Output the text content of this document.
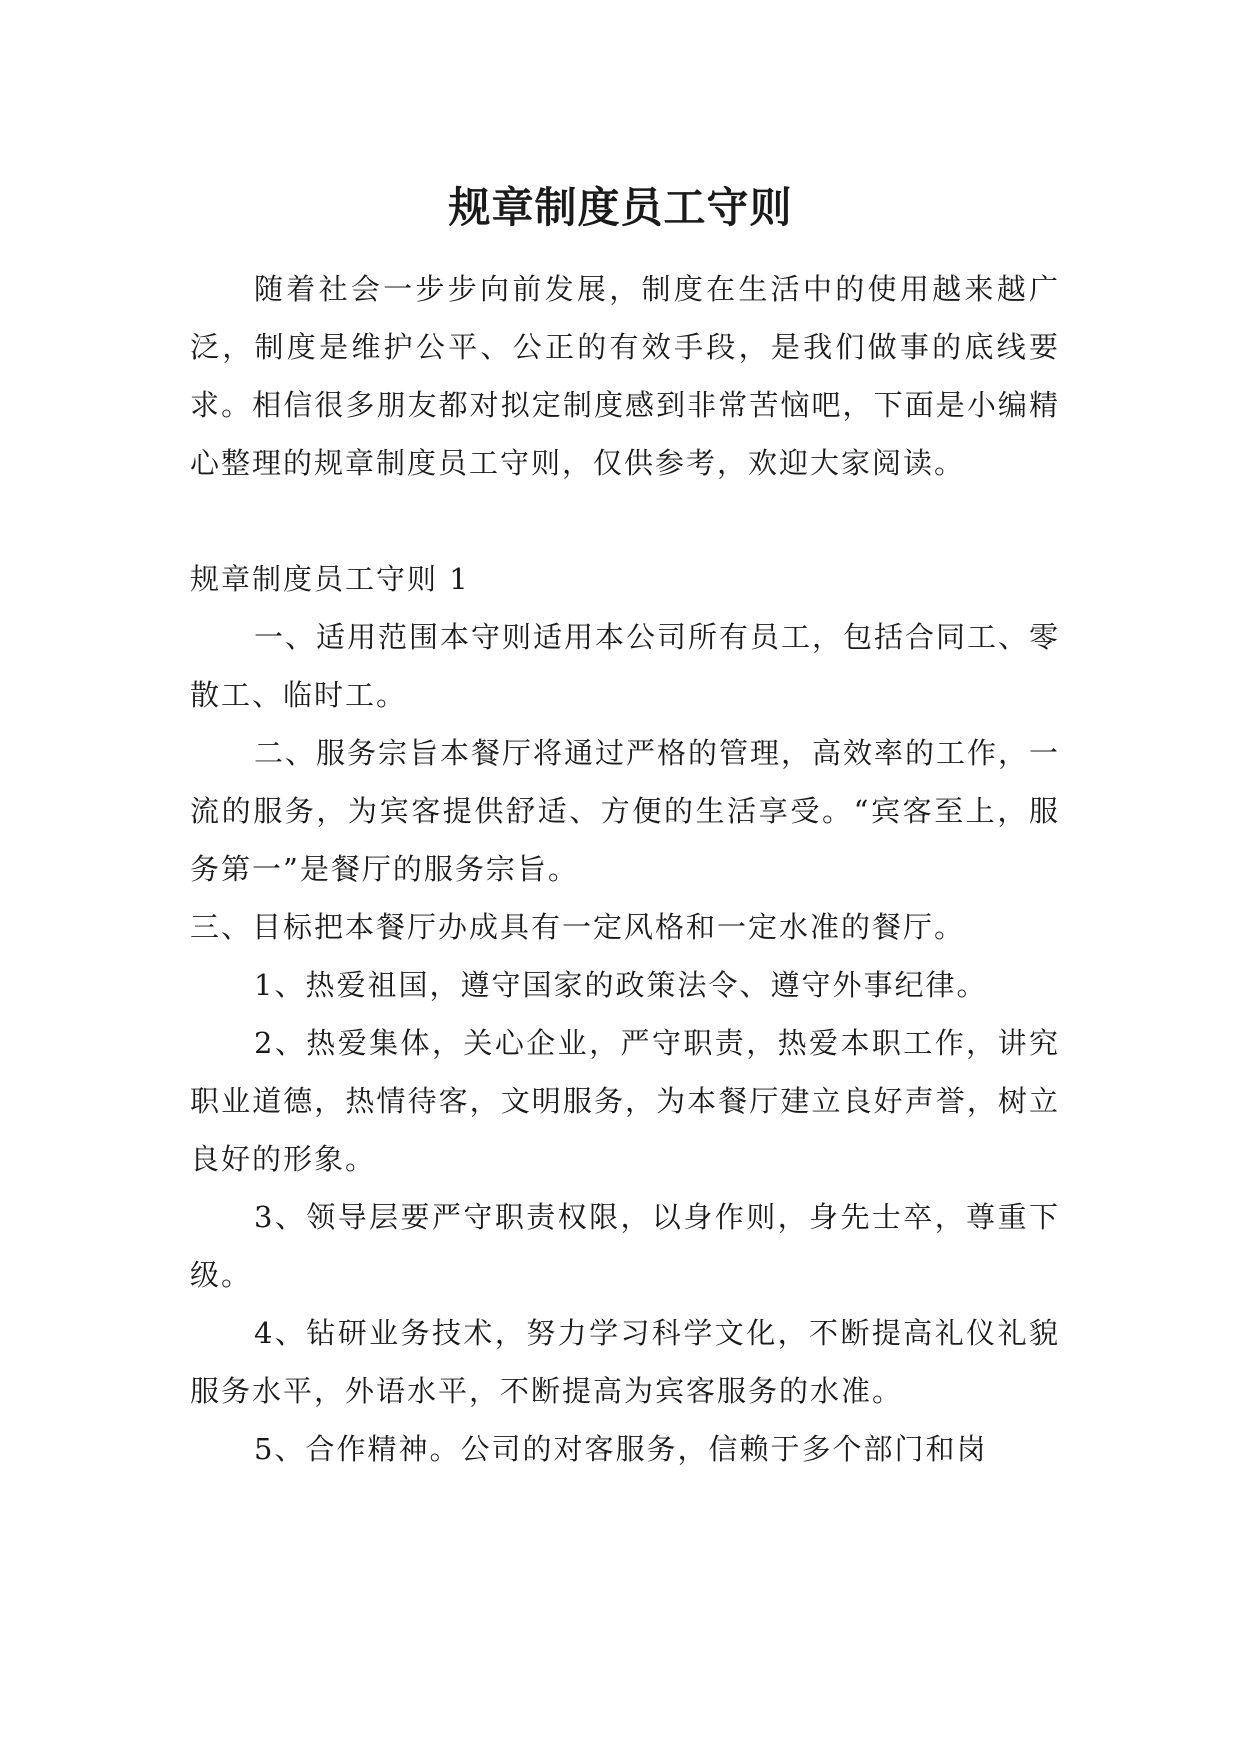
规章制度员工守则

随着社会一步步向前发展，制度在生活中的使用越来越广泛，制度是维护公平、公正的有效手段，是我们做事的底线要求。相信很多朋友都对拟定制度感到非常苦恼吧，下面是小编精心整理的规章制度员工守则，仅供参考，欢迎大家阅读。

规章制度员工守则 1

一、适用范围本守则适用本公司所有员工，包括合同工、零散工、临时工。

二、服务宗旨本餐厅将通过严格的管理，高效率的工作，一流的服务，为宾客提供舒适、方便的生活享受。“宾客至上，服务第一”是餐厅的服务宗旨。

三、目标把本餐厅办成具有一定风格和一定水准的餐厅。

1、热爱祖国，遵守国家的政策法令、遵守外事纪律。

2、热爱集体，关心企业，严守职责，热爱本职工作，讲究职业道德，热情待客，文明服务，为本餐厅建立良好声誉，树立良好的形象。

3、领导层要严守职责权限，以身作则，身先士卒，尊重下级。

4、钻研业务技术，努力学习科学文化，不断提高礼仪礼貌服务水平，外语水平，不断提高为宾客服务的水准。

5、合作精神。公司的对客服务，信赖于多个部门和岗
